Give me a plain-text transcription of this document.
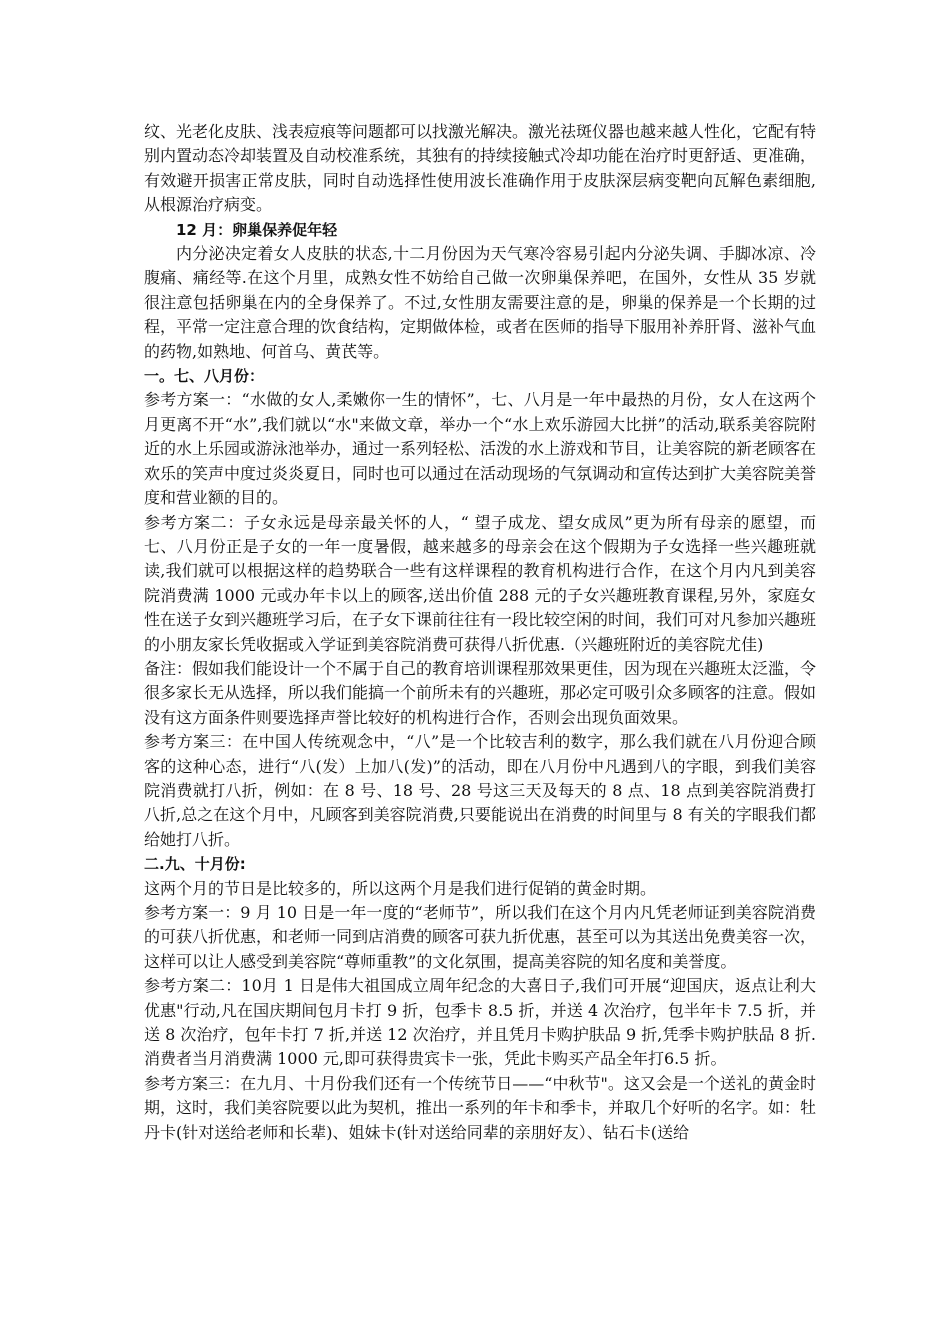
纹、光老化皮肤、浅表痘痕等问题都可以找激光解决。激光祛斑仪器也越来越人性化，它配有特别内置动态冷却装置及自动校准系统，其独有的持续接触式冷却功能在治疗时更舒适、更准确，有效避开损害正常皮肤，同时自动选择性使用波长准确作用于皮肤深层病变靶向瓦解色素细胞,从根源治疗病变。

12 月：卵巢保养促年轻

内分泌决定着女人皮肤的状态,十二月份因为天气寒冷容易引起内分泌失调、手脚冰凉、冷腹痛、痛经等.在这个月里，成熟女性不妨给自己做一次卵巢保养吧，在国外，女性从 35 岁就很注意包括卵巢在内的全身保养了。不过,女性朋友需要注意的是，卵巢的保养是一个长期的过程，平常一定注意合理的饮食结构，定期做体检，或者在医师的指导下服用补养肝肾、滋补气血的药物,如熟地、何首乌、黄芪等。

一。七、八月份：

参考方案一：“水做的女人,柔嫩你一生的情怀”，七、八月是一年中最热的月份，女人在这两个月更离不开“水”,我们就以“水"来做文章，举办一个“水上欢乐游园大比拼”的活动,联系美容院附近的水上乐园或游泳池举办，通过一系列轻松、活泼的水上游戏和节目，让美容院的新老顾客在欢乐的笑声中度过炎炎夏日，同时也可以通过在活动现场的气氛调动和宣传达到扩大美容院美誉度和营业额的目的。

参考方案二：子女永远是母亲最关怀的人，“ 望子成龙、望女成凤”更为所有母亲的愿望，而七、八月份正是子女的一年一度暑假，越来越多的母亲会在这个假期为子女选择一些兴趣班就读,我们就可以根据这样的趋势联合一些有这样课程的教育机构进行合作，在这个月内凡到美容院消费满 1000 元或办年卡以上的顾客,送出价值 288 元的子女兴趣班教育课程,另外，家庭女性在送子女到兴趣班学习后，在子女下课前往往有一段比较空闲的时间，我们可对凡参加兴趣班的小朋友家长凭收据或入学证到美容院消费可获得八折优惠.（兴趣班附近的美容院尤佳)

备注：假如我们能设计一个不属于自己的教育培训课程那效果更佳，因为现在兴趣班太泛滥，令很多家长无从选择，所以我们能搞一个前所未有的兴趣班，那必定可吸引众多顾客的注意。假如没有这方面条件则要选择声誉比较好的机构进行合作，否则会出现负面效果。

参考方案三：在中国人传统观念中，“八”是一个比较吉利的数字，那么我们就在八月份迎合顾客的这种心态，进行“八(发）上加八(发)”的活动，即在八月份中凡遇到八的字眼，到我们美容院消费就打八折，例如：在 8 号、18 号、28 号这三天及每天的 8 点、18 点到美容院消费打八折,总之在这个月中，凡顾客到美容院消费,只要能说出在消费的时间里与 8 有关的字眼我们都给她打八折。

二.九、十月份:

这两个月的节日是比较多的，所以这两个月是我们进行促销的黄金时期。

参考方案一：9 月 10 日是一年一度的“老师节”，所以我们在这个月内凡凭老师证到美容院消费的可获八折优惠，和老师一同到店消费的顾客可获九折优惠，甚至可以为其送出免费美容一次，这样可以让人感受到美容院“尊师重教”的文化氛围，提高美容院的知名度和美誉度。

参考方案二：10月 1 日是伟大祖国成立周年纪念的大喜日子,我们可开展“迎国庆，返点让利大优惠"行动,凡在国庆期间包月卡打 9 折，包季卡 8.5 折，并送 4 次治疗，包半年卡 7.5 折，并送 8 次治疗，包年卡打 7 折,并送 12 次治疗，并且凭月卡购护肤品 9 折,凭季卡购护肤品 8 折.消费者当月消费满 1000 元,即可获得贵宾卡一张，凭此卡购买产品全年打6.5 折。

参考方案三：在九月、十月份我们还有一个传统节日——“中秋节"。这又会是一个送礼的黄金时期，这时，我们美容院要以此为契机，推出一系列的年卡和季卡，并取几个好听的名字。如：牡丹卡(针对送给老师和长辈)、姐妹卡(针对送给同辈的亲朋好友）、钻石卡(送给
